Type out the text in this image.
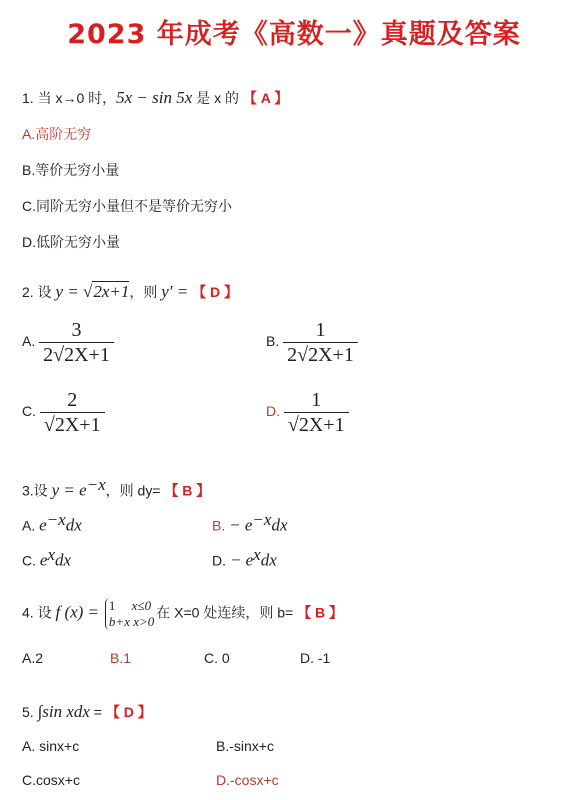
2023 年成考《高数一》真题及答案
1. 当 x→0 时，5x − sin 5x 是 x 的 【 A 】
A.高阶无穷
B.等价无穷小量
C.同阶无穷小量但不是等价无穷小
D.低阶无穷小量
2. 设 y = √2x+1，则 y′ = 【 D 】
A. $\frac{3}{2√2X+1}$	B. $\frac{1}{2√2X+1}$
C. $\frac{2}{√2X+1}$	D. $\frac{1}{√2X+1}$
3.设 $y = e^{-x}$，则 dy= 【 B 】
A. $e^{-x}dx$	B. − $e^{-x}dx$
C. $e^xdx$	D. − $e^xdx$
4. 设 f (x) = 1 x≤0
b+x x>0
在 X=0 处连续，则 b= 【 B 】
A.2	B.1	C. 0	D. -1
5. ∫sin xdx = 【 D 】
A. sinx+c	B.-sinx+c
C.cosx+c	D.-cosx+c
